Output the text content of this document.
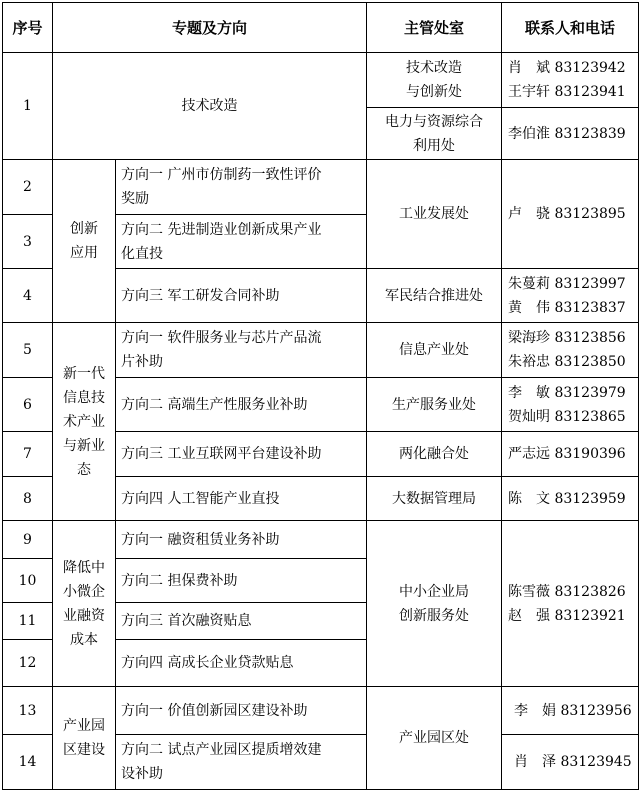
序号	专题及方向		主管处室	联系人和电话
1	技术改造		技术改造
与创新处	肖　斌 83123942
王宇轩 83123941

			电力与资源综合
利用处	李伯淮 83123839
2	创新
应用	方向一 广州市仿制药一致性评价
奖励	工业发展处	卢　骁 83123895
3		方向二 先进制造业创新成果产业
化直投		

4		方向三 军工研发合同补助	军民结合推进处	朱蔓莉 83123997
黄　伟 83123837

5	新一代
信息技
术产业
与新业
态	方向一 软件服务业与芯片产品流
片补助	信息产业处	梁海珍 83123856
朱裕忠 83123850

6		方向二 高端生产性服务业补助	生产服务业处	李　敏 83123979
贺灿明 83123865

7		方向三 工业互联网平台建设补助	两化融合处	严志远 83190396
8		方向四 人工智能产业直投	大数据管理局	陈　文 83123959
9	降低中
小微企
业融资
成本	方向一 融资租赁业务补助	中小企业局
创新服务处	陈雪薇 83123826
赵　强 83123921

10		方向二 担保费补助		
11		方向三 首次融资贴息		
12		方向四 高成长企业贷款贴息		
13	产业园
区建设	方向一 价值创新园区建设补助	产业园区处	李　娟 83123956
14		方向二 试点产业园区提质增效建
设补助		肖　泽 83123945
